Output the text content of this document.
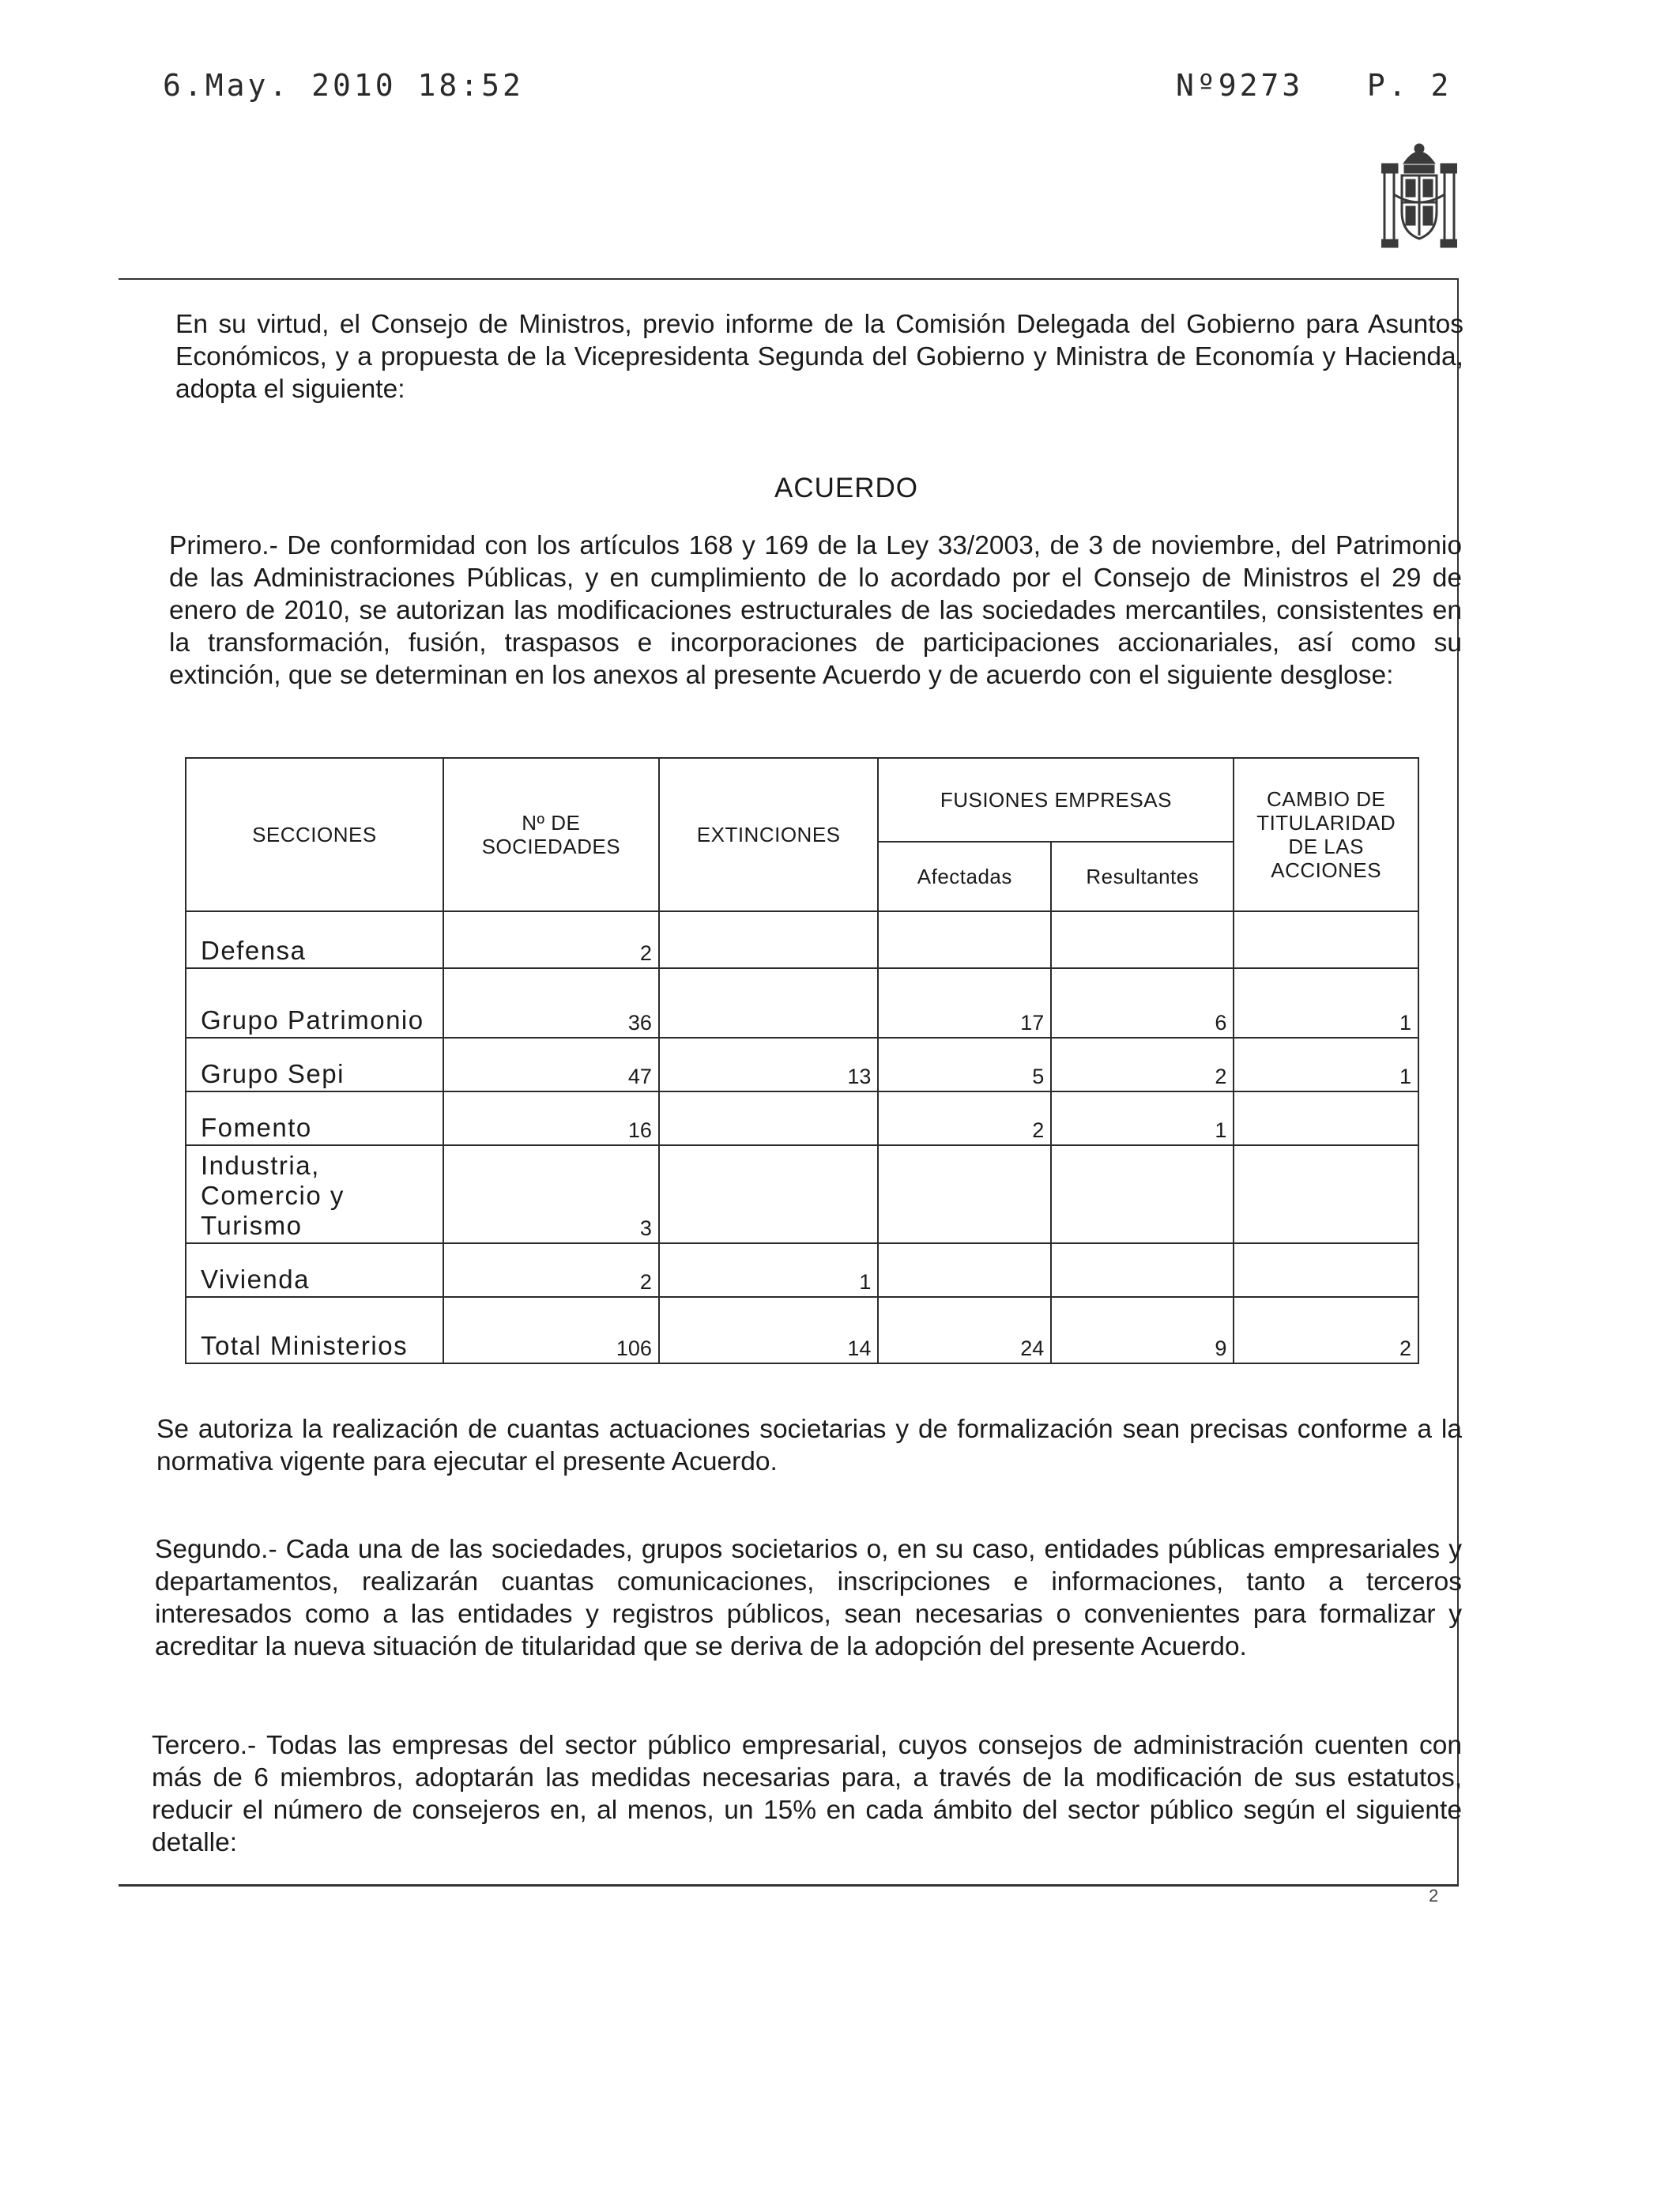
6.May. 2010 18:52	Nº9273 P. 2
En su virtud, el Consejo de Ministros, previo informe de la Comisión Delegada del Gobierno para Asuntos Económicos, y a propuesta de la Vicepresidenta Segunda del Gobierno y Ministra de Economía y Hacienda, adopta el siguiente:
ACUERDO
Primero.- De conformidad con los artículos 168 y 169 de la Ley 33/2003, de 3 de noviembre, del Patrimonio de las Administraciones Públicas, y en cumplimiento de lo acordado por el Consejo de Ministros el 29 de enero de 2010, se autorizan las modificaciones estructurales de las sociedades mercantiles, consistentes en la transformación, fusión, traspasos e incorporaciones de participaciones accionariales, así como su extinción, que se determinan en los anexos al presente Acuerdo y de acuerdo con el siguiente desglose:
SECCIONES	Nº DE SOCIEDADES	EXTINCIONES	FUSIONES EMPRESAS		CAMBIO DE TITULARIDAD DE LAS ACCIONES
			Afectadas	Resultantes	
Defensa	2				
Grupo Patrimonio	36		17	6	1
Grupo Sepi	47	13	5	2	1
Fomento	16		2	1	
Industria, Comercio y Turismo	3				
Vivienda	2	1			
Total Ministerios	106	14	24	9	2
Se autoriza la realización de cuantas actuaciones societarias y de formalización sean precisas conforme a la normativa vigente para ejecutar el presente Acuerdo.
Segundo.- Cada una de las sociedades, grupos societarios o, en su caso, entidades públicas empresariales y departamentos, realizarán cuantas comunicaciones, inscripciones e informaciones, tanto a terceros interesados como a las entidades y registros públicos, sean necesarias o convenientes para formalizar y acreditar la nueva situación de titularidad que se deriva de la adopción del presente Acuerdo.
Tercero.- Todas las empresas del sector público empresarial, cuyos consejos de administración cuenten con más de 6 miembros, adoptarán las medidas necesarias para, a través de la modificación de sus estatutos, reducir el número de consejeros en, al menos, un 15% en cada ámbito del sector público según el siguiente detalle:
2
